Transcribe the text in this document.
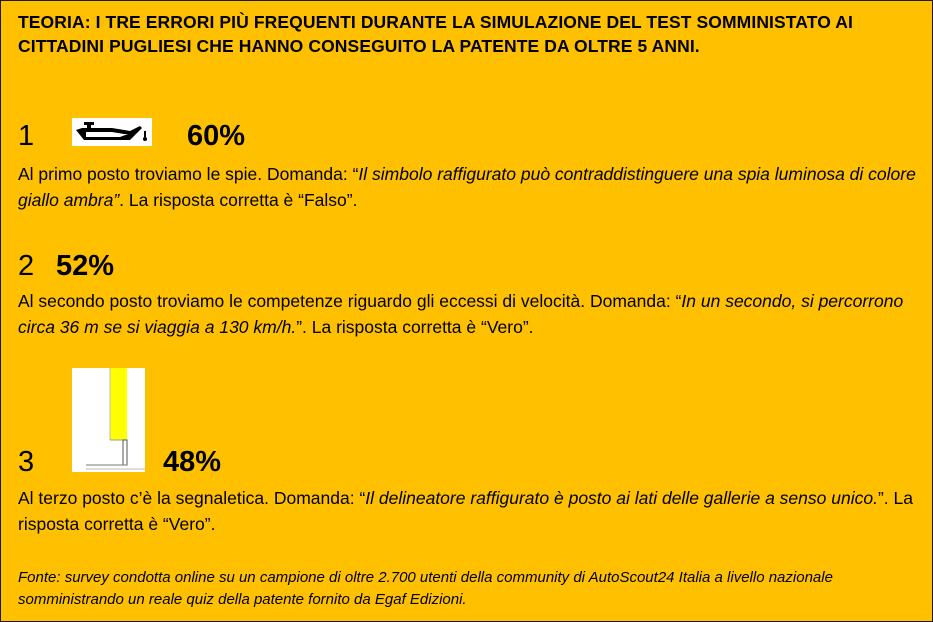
TEORIA: I TRE ERRORI PIÙ FREQUENTI DURANTE LA SIMULAZIONE DEL TEST SOMMINISTATO AI CITTADINI PUGLIESI CHE HANNO CONSEGUITO LA PATENTE DA OLTRE 5 ANNI.
1	60%
Al primo posto troviamo le spie. Domanda: “Il simbolo raffigurato può contraddistinguere una spia luminosa di colore giallo ambra”. La risposta corretta è “Falso”.
2 52%
Al secondo posto troviamo le competenze riguardo gli eccessi di velocità. Domanda: “In un secondo, si percorrono circa 36 m se si viaggia a 130 km/h.”. La risposta corretta è “Vero”.
3	48%
Al terzo posto c’è la segnaletica. Domanda: “Il delineatore raffigurato è posto ai lati delle gallerie a senso unico.”. La risposta corretta è “Vero”.
Fonte: survey condotta online su un campione di oltre 2.700 utenti della community di AutoScout24 Italia a livello nazionale somministrando un reale quiz della patente fornito da Egaf Edizioni.
